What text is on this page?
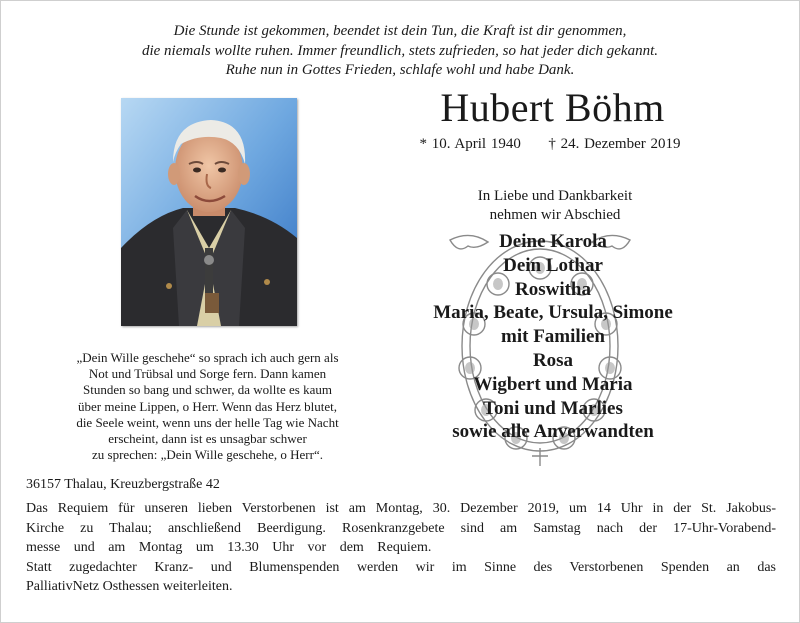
Die Stunde ist gekommen, beendet ist dein Tun, die Kraft ist dir genommen,
die niemals wollte ruhen. Immer freundlich, stets zufrieden, so hat jeder dich gekannt.
Ruhe nun in Gottes Frieden, schlafe wohl und habe Dank.
Hubert Böhm
* 10. April 1940 † 24. Dezember 2019
In Liebe und Dankbarkeit
nehmen wir Abschied
Deine Karola
Dein Lothar
Roswitha
Maria, Beate, Ursula, Simone
mit Familien
Rosa
Wigbert und Maria
Toni und Marlies
sowie alle Anverwandten
„Dein Wille geschehe“ so sprach ich auch gern als
Not und Trübsal und Sorge fern. Dann kamen
Stunden so bang und schwer, da wollte es kaum
über meine Lippen, o Herr. Wenn das Herz blutet,
die Seele weint, wenn uns der helle Tag wie Nacht
erscheint, dann ist es unsagbar schwer
zu sprechen: „Dein Wille geschehe, o Herr“.
36157 Thalau, Kreuzbergstraße 42
Das Requiem für unseren lieben Verstorbenen ist am Montag, 30. Dezember 2019, um 14 Uhr in der St. Jakobus-
Kirche zu Thalau; anschließend Beerdigung. Rosenkranzgebete sind am Samstag nach der 17-Uhr-Vorabend-
messe und am Montag um 13.30 Uhr vor dem Requiem.
Statt zugedachter Kranz- und Blumenspenden werden wir im Sinne des Verstorbenen Spenden an das
PalliativNetz Osthessen weiterleiten.
